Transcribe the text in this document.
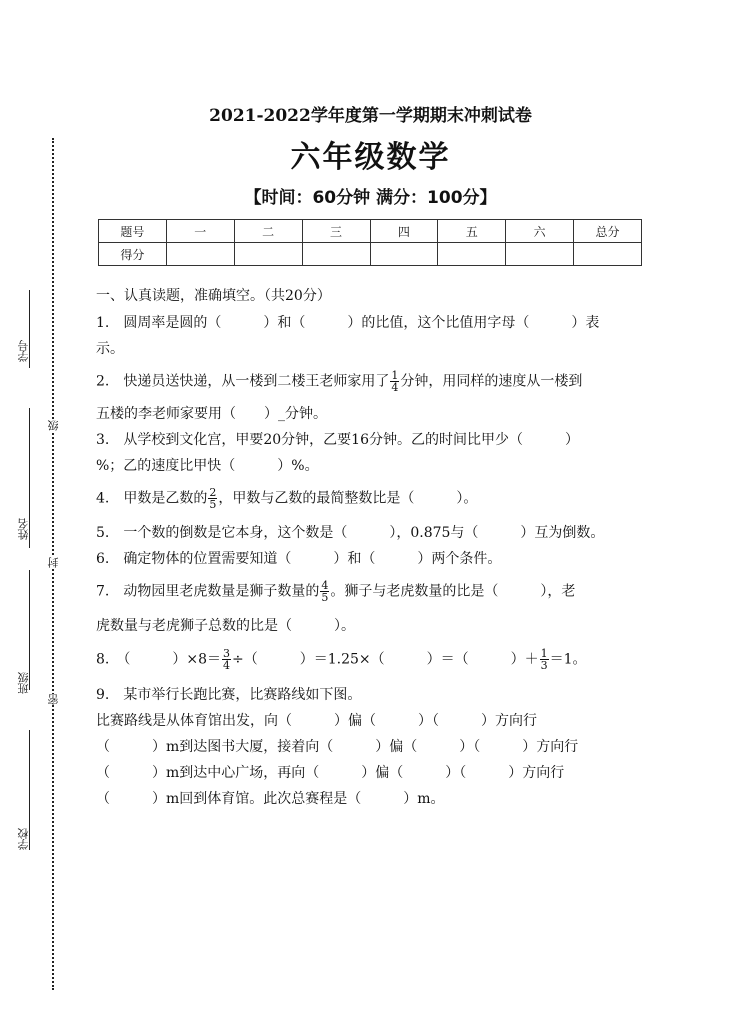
学号
级
姓名
封
班级
密
学校
2021-2022学年度第一学期期末冲刺试卷
六年级数学
【时间：60分钟 满分：100分】
题号	一	二	三	四	五	六	总分
得分							
一、认真读题，准确填空。（共20分）
1.　圆周率是圆的（　　　）和（　　　）的比值，这个比值用字母（　　　）表
示。
2.　快递员送快递，从一楼到二楼王老师家用了 $\frac{1}{4}$ 分钟，用同样的速度从一楼到
五楼的李老师家要用（　　）_分钟。
3.　从学校到文化宫，甲要20分钟，乙要16分钟。乙的时间比甲少（　　　）
%；乙的速度比甲快（　　　）%。
4.　甲数是乙数的 $\frac{2}{5}$ ，甲数与乙数的最简整数比是（　　　）。
5.　一个数的倒数是它本身，这个数是（　　　），0.875与（　　　）互为倒数。
6.　确定物体的位置需要知道（　　　）和（　　　）两个条件。
7.　动物园里老虎数量是狮子数量的 $\frac{4}{5}$ 。狮子与老虎数量的比是（　　　），老
虎数量与老虎狮子总数的比是（　　　）。
8.　（　　　）$\times 8= \frac{3}{4}$ ÷（　　　）＝1.25×（　　　）＝（　　　）＋ $\frac{1}{3} =1$。
9.　某市举行长跑比赛，比赛路线如下图。
比赛路线是从体育馆出发，向（　　　）偏（　　　）（　　　）方向行
（　　　）m到达图书大厦，接着向（　　　）偏（　　　）（　　　）方向行
（　　　）m到达中心广场，再向（　　　）偏（　　　）（　　　）方向行
（　　　）m回到体育馆。此次总赛程是（　　　）m。
